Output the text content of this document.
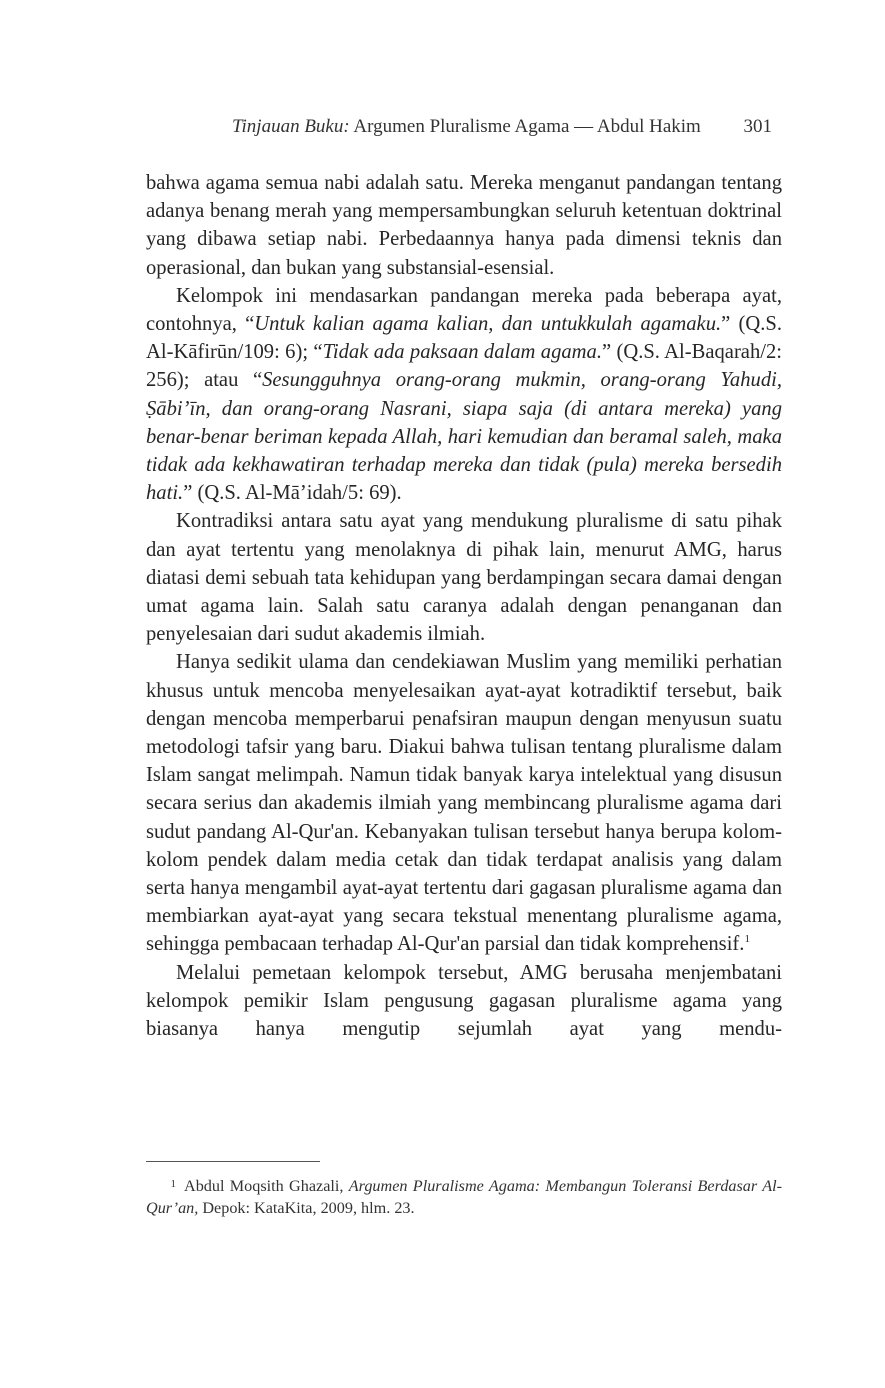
Tinjauan Buku: Argumen Pluralisme Agama — Abdul Hakim 301

bahwa agama semua nabi adalah satu. Mereka menganut pandangan tentang adanya benang merah yang mempersambungkan seluruh ketentuan doktrinal yang dibawa setiap nabi. Perbedaannya hanya pada dimensi teknis dan operasional, dan bukan yang substansial-esensial.

Kelompok ini mendasarkan pandangan mereka pada beberapa ayat, contohnya, “Untuk kalian agama kalian, dan untukkulah agamaku.” (Q.S. Al-Kāfirūn/109: 6); “Tidak ada paksaan dalam agama.” (Q.S. Al-Baqarah/2: 256); atau “Sesungguhnya orang-orang mukmin, orang-orang Yahudi, Ṣābi’īn, dan orang-orang Nasrani, siapa saja (di antara mereka) yang benar-benar beriman kepada Allah, hari kemudian dan beramal saleh, maka tidak ada kekhawatiran terhadap mereka dan tidak (pula) mereka bersedih hati.” (Q.S. Al-Mā’idah/5: 69).

Kontradiksi antara satu ayat yang mendukung pluralisme di satu pihak dan ayat tertentu yang menolaknya di pihak lain, menurut AMG, harus diatasi demi sebuah tata kehidupan yang berdampingan secara damai dengan umat agama lain. Salah satu caranya adalah dengan penanganan dan penyelesaian dari sudut akademis ilmiah.

Hanya sedikit ulama dan cendekiawan Muslim yang memiliki perhatian khusus untuk mencoba menyelesaikan ayat-ayat kotradiktif tersebut, baik dengan mencoba memperbarui penafsiran maupun dengan menyusun suatu metodologi tafsir yang baru. Diakui bahwa tulisan tentang pluralisme dalam Islam sangat melimpah. Namun tidak banyak karya intelektual yang disusun secara serius dan akademis ilmiah yang membincang pluralisme agama dari sudut pandang Al-Qur'an. Kebanyakan tulisan tersebut hanya berupa kolom-kolom pendek dalam media cetak dan tidak terdapat analisis yang dalam serta hanya mengambil ayat-ayat tertentu dari gagasan pluralisme agama dan membiarkan ayat-ayat yang secara tekstual menentang pluralisme agama, sehingga pembacaan terhadap Al-Qur'an parsial dan tidak komprehensif.$^1$

Melalui pemetaan kelompok tersebut, AMG berusaha menjembatani kelompok pemikir Islam pengusung gagasan pluralisme agama yang biasanya hanya mengutip sejumlah ayat yang mendu-

1 Abdul Moqsith Ghazali, Argumen Pluralisme Agama: Membangun Toleransi Berdasar Al-Qur’an, Depok: KataKita, 2009, hlm. 23.
